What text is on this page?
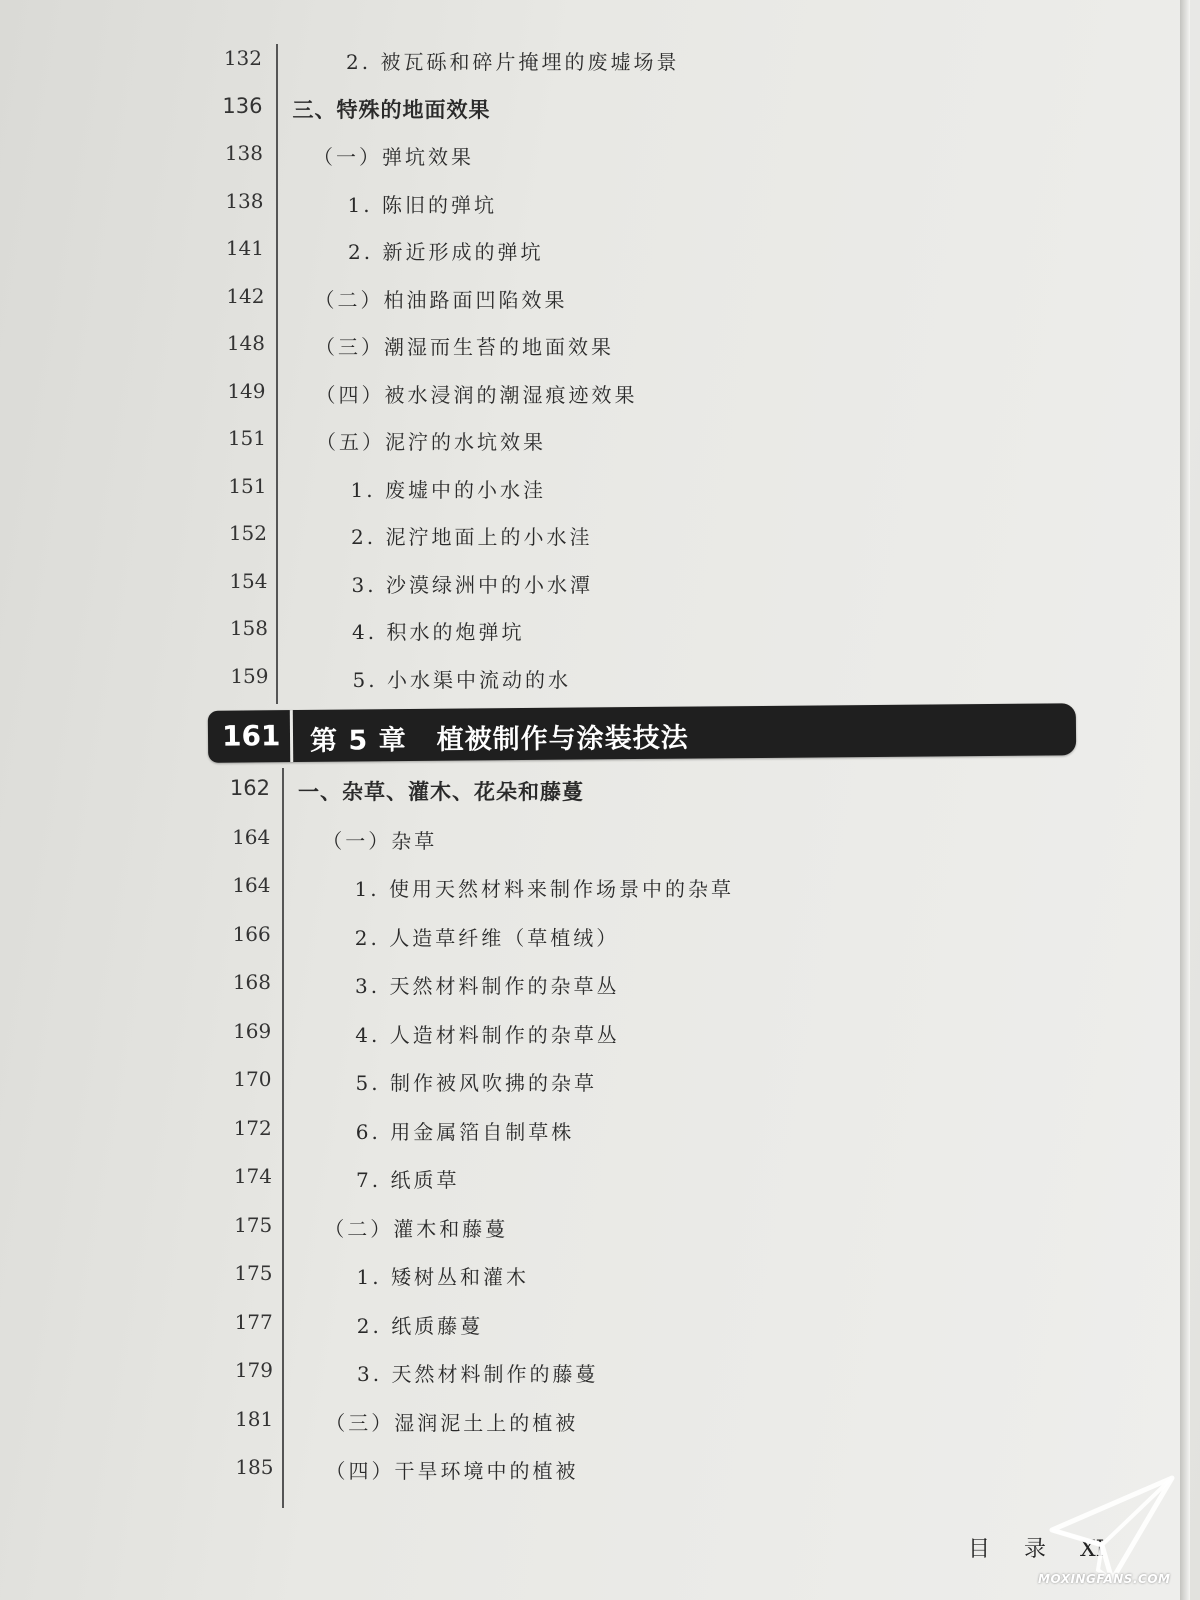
132	2. 被瓦砾和碎片掩埋的废墟场景
136 三、特殊的地面效果
138	（一）弹坑效果
138	1. 陈旧的弹坑
141	2. 新近形成的弹坑
142	（二）柏油路面凹陷效果
148	（三）潮湿而生苔的地面效果
149	（四）被水浸润的潮湿痕迹效果
151	（五）泥泞的水坑效果
151	1. 废墟中的小水洼
152	2. 泥泞地面上的小水洼
154	3. 沙漠绿洲中的小水潭
158	4. 积水的炮弹坑
159	5. 小水渠中流动的水
161 第 5 章 植被制作与涂装技法
162 一、杂草、灌木、花朵和藤蔓
164	（一）杂草
164	1. 使用天然材料来制作场景中的杂草
166	2. 人造草纤维（草植绒）
168	3. 天然材料制作的杂草丛
169	4. 人造材料制作的杂草丛
170	5. 制作被风吹拂的杂草
172	6. 用金属箔自制草株
174	7. 纸质草
175	（二）灌木和藤蔓
175	1. 矮树丛和灌木
177	2. 纸质藤蔓
179	3. 天然材料制作的藤蔓
181	（三）湿润泥土上的植被
185	（四）干旱环境中的植被
目录XI
MOXINGFANS.COM
